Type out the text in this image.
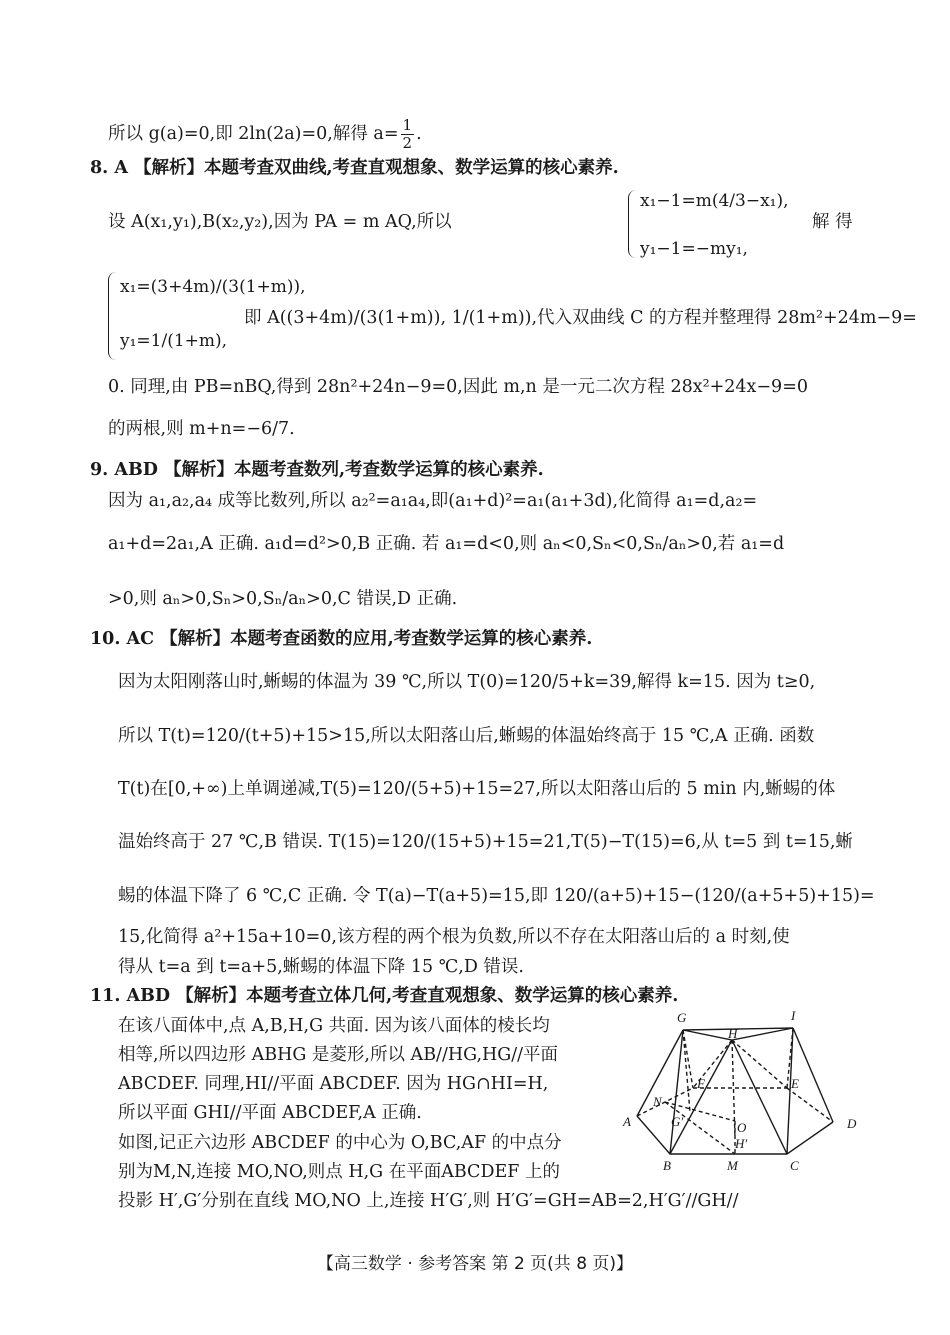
所以 g(a)=0,即 2ln(2a)=0,解得 $a= \frac{1}{2}$ .
8. A 【解析】本题考查双曲线,考查直观想象、数学运算的核心素养.
设 A(x₁,y₁),B(x₂,y₂),因为 PA = m AQ,所以
x₁−1=m(4/3−x₁),
y₁−1=−my₁,
解 得
x₁=(3+4m)/(3(1+m)),
y₁=1/(1+m),
即 A((3+4m)/(3(1+m)), 1/(1+m)),代入双曲线 C 的方程并整理得 28m²+24m−9=
0. 同理,由 PB=nBQ,得到 28n²+24n−9=0,因此 m,n 是一元二次方程 28x²+24x−9=0
的两根,则 m+n=−6/7.
9. ABD 【解析】本题考查数列,考查数学运算的核心素养.
因为 a₁,a₂,a₄ 成等比数列,所以 a₂²=a₁a₄,即(a₁+d)²=a₁(a₁+3d),化简得 a₁=d,a₂=
a₁+d=2a₁,A 正确. a₁d=d²>0,B 正确. 若 a₁=d<0,则 aₙ<0,Sₙ<0,Sₙ/aₙ>0,若 a₁=d
>0,则 aₙ>0,Sₙ>0,Sₙ/aₙ>0,C 错误,D 正确.
10. AC 【解析】本题考查函数的应用,考查数学运算的核心素养.
因为太阳刚落山时,蜥蜴的体温为 39 ℃,所以 T(0)=120/5+k=39,解得 k=15. 因为 t≥0,
所以 T(t)=120/(t+5)+15>15,所以太阳落山后,蜥蜴的体温始终高于 15 ℃,A 正确. 函数
T(t)在[0,+∞)上单调递减,T(5)=120/(5+5)+15=27,所以太阳落山后的 5 min 内,蜥蜴的体
温始终高于 27 ℃,B 错误. T(15)=120/(15+5)+15=21,T(5)−T(15)=6,从 t=5 到 t=15,蜥
蜴的体温下降了 6 ℃,C 正确. 令 T(a)−T(a+5)=15,即 120/(a+5)+15−(120/(a+5+5)+15)=
15,化简得 a²+15a+10=0,该方程的两个根为负数,所以不存在太阳落山后的 a 时刻,使
得从 t=a 到 t=a+5,蜥蜴的体温下降 15 ℃,D 错误.
11. ABD 【解析】本题考查立体几何,考查直观想象、数学运算的核心素养.
在该八面体中,点 A,B,H,G 共面. 因为该八面体的棱长均
相等,所以四边形 ABHG 是菱形,所以 AB//HG,HG//平面
ABCDEF. 同理,HI//平面 ABCDEF. 因为 HG∩HI=H,
所以平面 GHI//平面 ABCDEF,A 正确.
如图,记正六边形 ABCDEF 的中心为 O,BC,AF 的中点分
别为M,N,连接 MO,NO,则点 H,G 在平面ABCDEF 上的
投影 H′,G′分别在直线 MO,NO 上,连接 H′G′,则 H′G′=GH=AB=2,H′G′//GH//
G	I
H
F	E
N
A	G′	O
H′
D
B	M	C
【高三数学 · 参考答案 第 2 页(共 8 页)】
